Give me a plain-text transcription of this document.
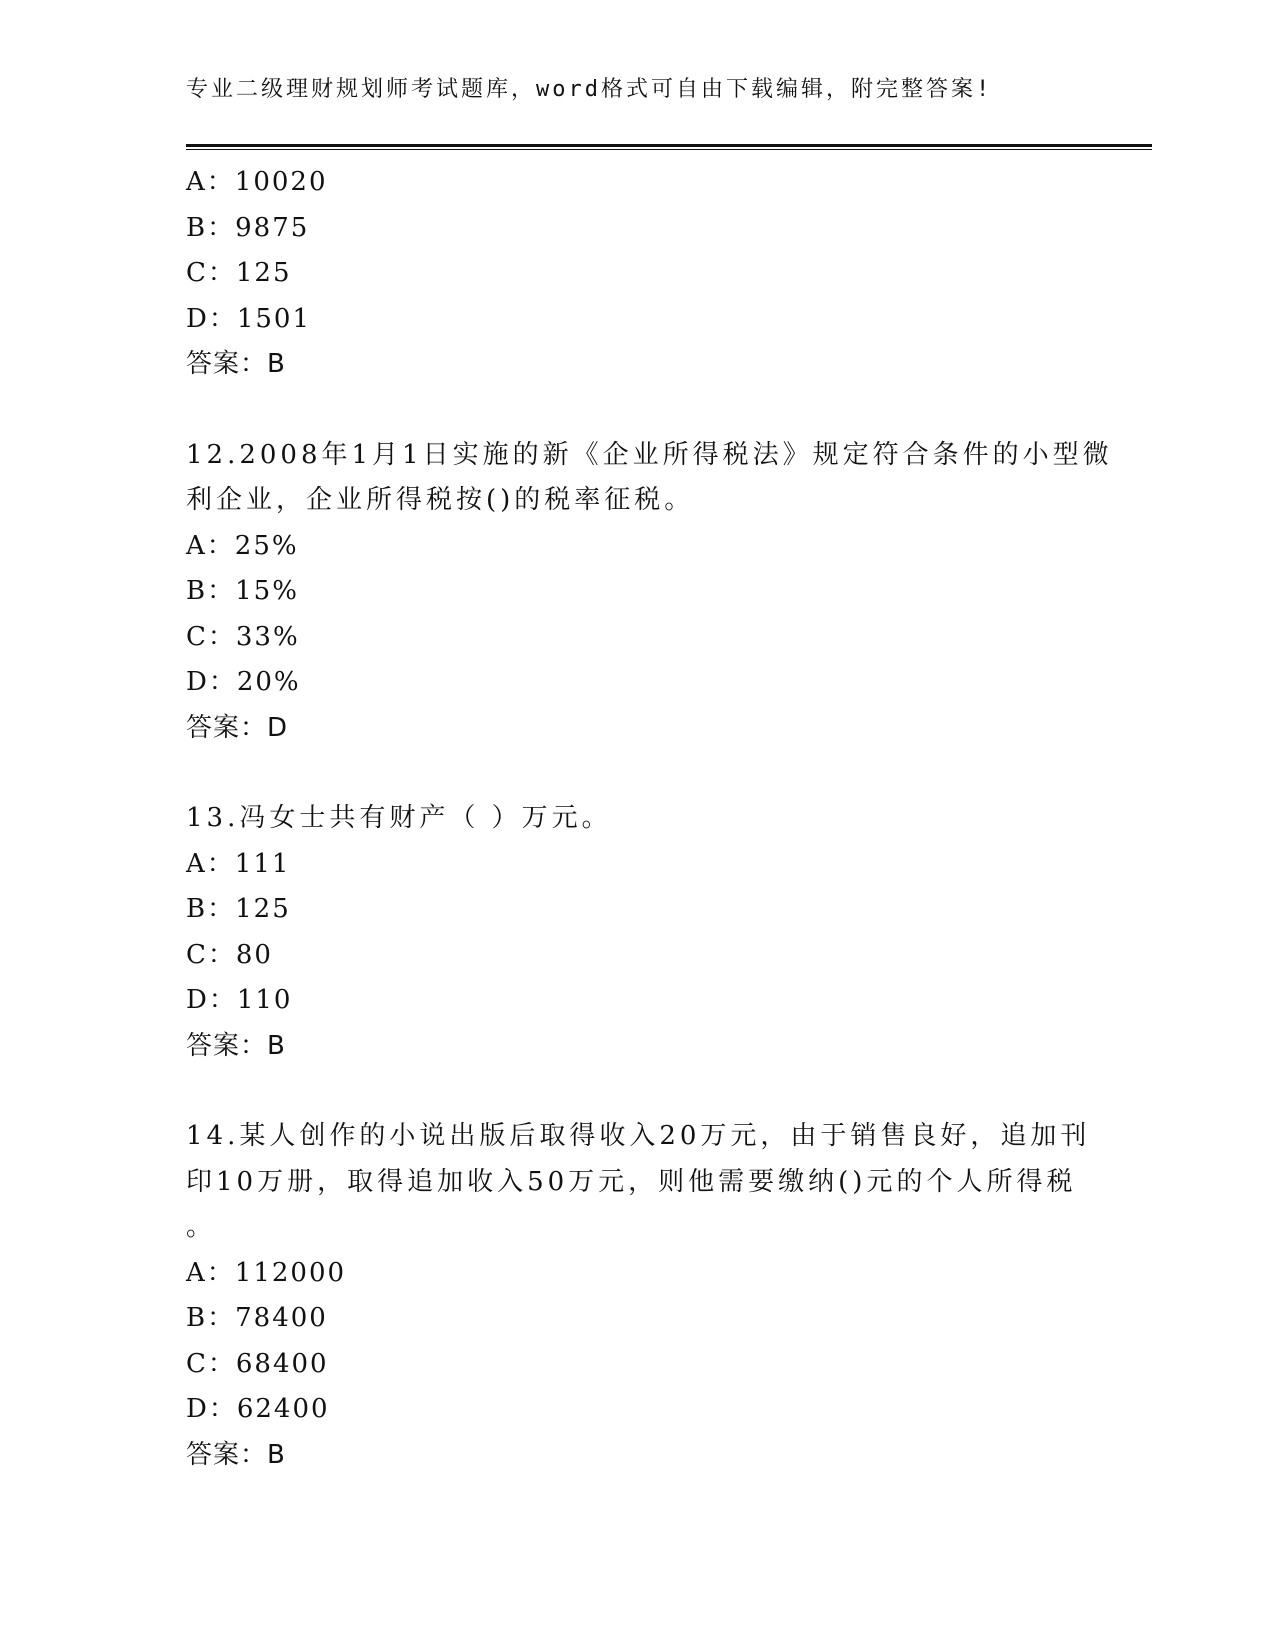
专业二级理财规划师考试题库，word格式可自由下载编辑，附完整答案!
A：10020
B：9875
C：125
D：1501
答案：B
12.2008年1月1日实施的新《企业所得税法》规定符合条件的小型微
利企业，企业所得税按()的税率征税。
A：25%
B：15%
C：33%
D：20%
答案：D
13.冯女士共有财产（ ）万元。
A：111
B：125
C：80
D：110
答案：B
14.某人创作的小说出版后取得收入20万元，由于销售良好，追加刊
印10万册，取得追加收入50万元，则他需要缴纳()元的个人所得税
。
A：112000
B：78400
C：68400
D：62400
答案：B
